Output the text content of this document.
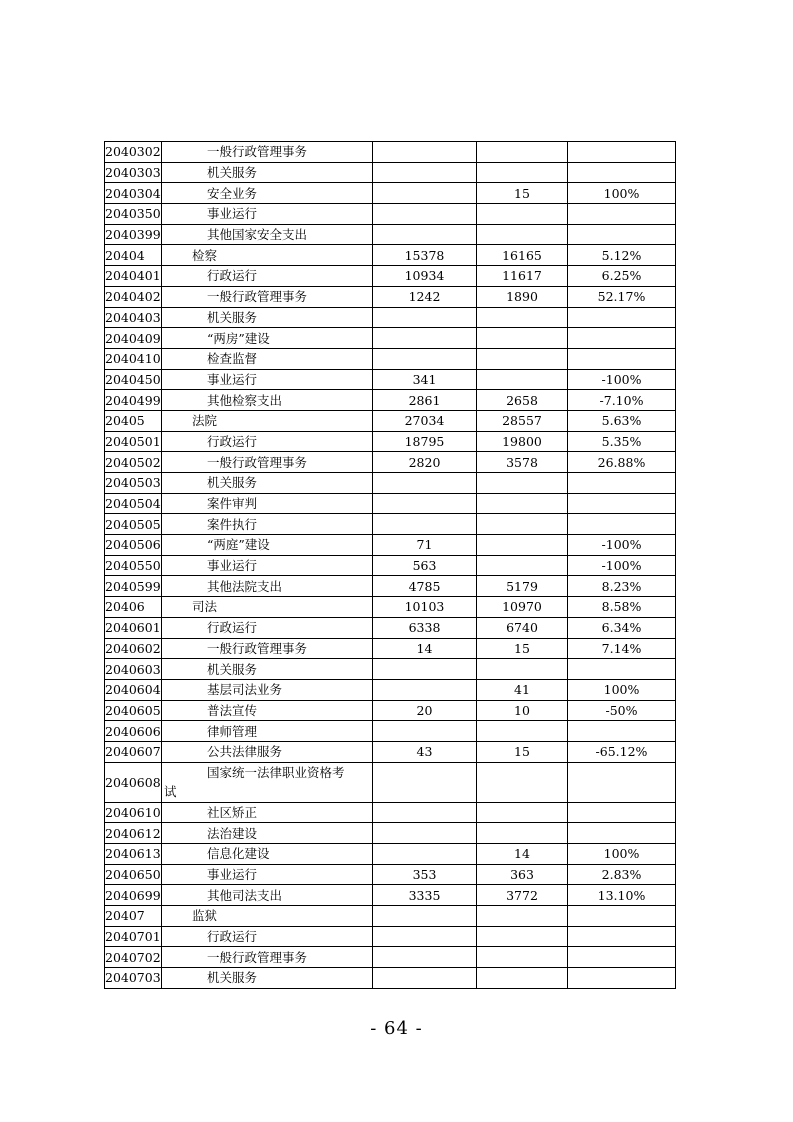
2040302	一般行政管理事务			
2040303	机关服务			
2040304	安全业务		15	100%
2040350	事业运行			
2040399	其他国家安全支出			
20404	检察	15378	16165	5.12%
2040401	行政运行	10934	11617	6.25%
2040402	一般行政管理事务	1242	1890	52.17%
2040403	机关服务			
2040409	“两房”建设			
2040410	检查监督			
2040450	事业运行	341		-100%
2040499	其他检察支出	2861	2658	-7.10%
20405	法院	27034	28557	5.63%
2040501	行政运行	18795	19800	5.35%
2040502	一般行政管理事务	2820	3578	26.88%
2040503	机关服务			
2040504	案件审判			
2040505	案件执行			
2040506	“两庭”建设	71		-100%
2040550	事业运行	563		-100%
2040599	其他法院支出	4785	5179	8.23%
20406	司法	10103	10970	8.58%
2040601	行政运行	6338	6740	6.34%
2040602	一般行政管理事务	14	15	7.14%
2040603	机关服务			
2040604	基层司法业务		41	100%
2040605	普法宣传	20	10	-50%
2040606	律师管理			
2040607	公共法律服务	43	15	-65.12%
2040608	国家统一法律职业资格考
试			

2040610	社区矫正			
2040612	法治建设			
2040613	信息化建设		14	100%
2040650	事业运行	353	363	2.83%
2040699	其他司法支出	3335	3772	13.10%
20407	监狱			
2040701	行政运行			
2040702	一般行政管理事务			
2040703	机关服务			
- 64 -
